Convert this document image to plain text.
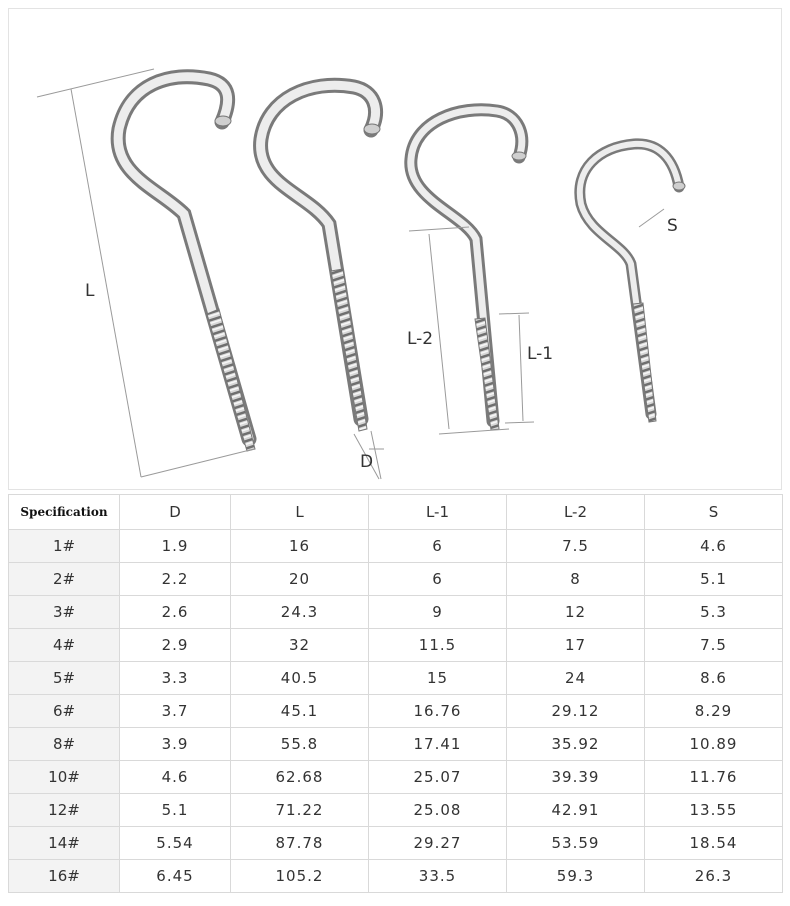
L
D
L-2
L-1
S
Specification	D	L	L-1	L-2	S
1#	1.9	16	6	7.5	4.6
2#	2.2	20	6	8	5.1
3#	2.6	24.3	9	12	5.3
4#	2.9	32	11.5	17	7.5
5#	3.3	40.5	15	24	8.6
6#	3.7	45.1	16.76	29.12	8.29
8#	3.9	55.8	17.41	35.92	10.89
10#	4.6	62.68	25.07	39.39	11.76
12#	5.1	71.22	25.08	42.91	13.55
14#	5.54	87.78	29.27	53.59	18.54
16#	6.45	105.2	33.5	59.3	26.3
